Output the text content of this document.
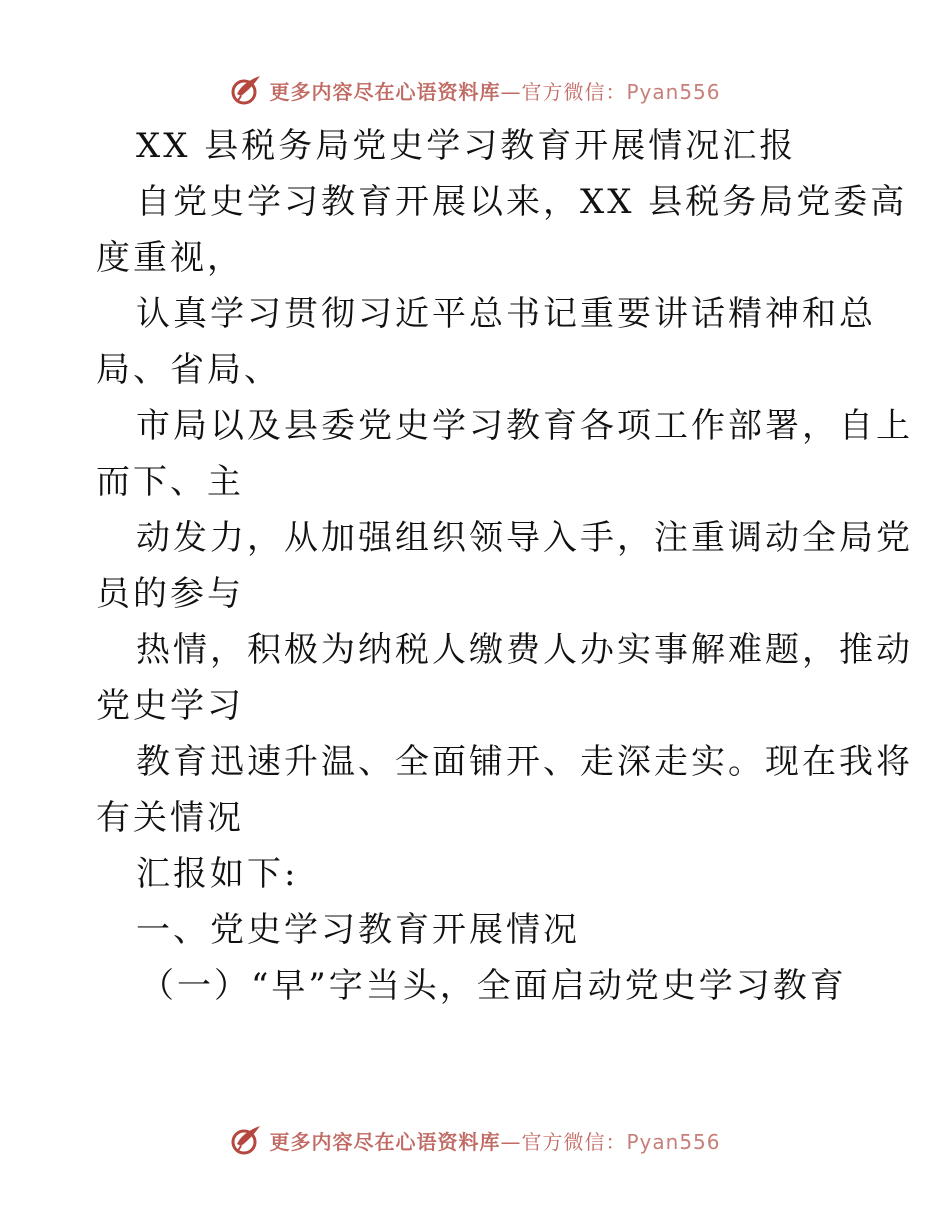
更多内容尽在心语资料库—官方微信：Pyan556
XX 县税务局党史学习教育开展情况汇报
自党史学习教育开展以来，XX 县税务局党委高
度重视，
认真学习贯彻习近平总书记重要讲话精神和总
局、省局、
市局以及县委党史学习教育各项工作部署，自上
而下、主
动发力，从加强组织领导入手，注重调动全局党
员的参与
热情，积极为纳税人缴费人办实事解难题，推动
党史学习
教育迅速升温、全面铺开、走深走实。现在我将
有关情况
汇报如下:
一、党史学习教育开展情况
（一）“早”字当头，全面启动党史学习教育
更多内容尽在心语资料库—官方微信：Pyan556
